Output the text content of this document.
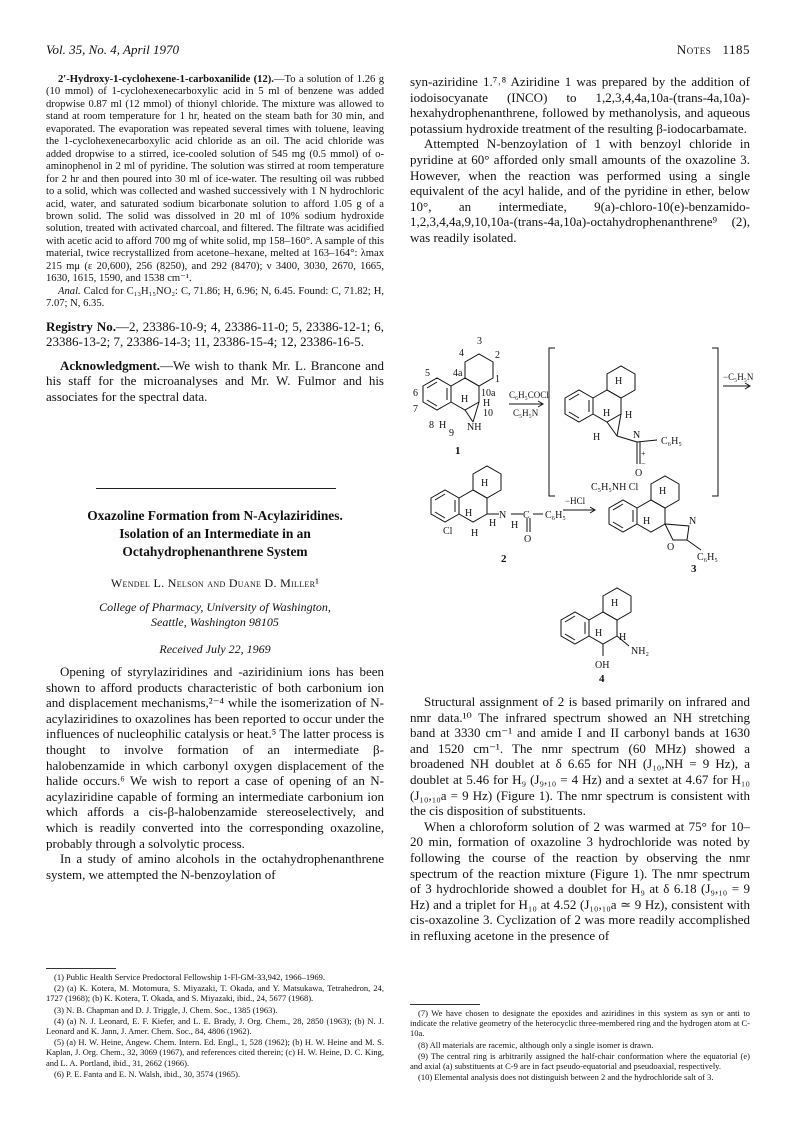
Vol. 35, No. 4, April 1970	Notes 1185

2′-Hydroxy-1-cyclohexene-1-carboxanilide (12).—To a solution of 1.26 g (10 mmol) of 1-cyclohexenecarboxylic acid in 5 ml of benzene was added dropwise 0.87 ml (12 mmol) of thionyl chloride. The mixture was allowed to stand at room temperature for 1 hr, heated on the steam bath for 30 min, and evaporated. The evaporation was repeated several times with toluene, leaving the 1-cyclohexenecarboxylic acid chloride as an oil. The acid chloride was added dropwise to a stirred, ice-cooled solution of 545 mg (0.5 mmol) of o-aminophenol in 2 ml of pyridine. The solution was stirred at room temperature for 2 hr and then poured into 30 ml of ice-water. The resulting oil was rubbed to a solid, which was collected and washed successively with 1 N hydrochloric acid, water, and saturated sodium bicarbonate solution to afford 1.05 g of a brown solid. The solid was dissolved in 20 ml of 10% sodium hydroxide solution, treated with activated charcoal, and filtered. The filtrate was acidified with acetic acid to afford 700 mg of white solid, mp 158–160°. A sample of this material, twice recrystallized from acetone–hexane, melted at 163–164°: λmax 215 mμ (ε 20,600), 256 (8250), and 292 (8470); ν 3400, 3030, 2670, 1665, 1630, 1615, 1590, and 1538 cm⁻¹.

Anal. Calcd for C₁₃H₁₅NO₂: C, 71.86; H, 6.96; N, 6.45. Found: C, 71.82; H, 7.07; N, 6.35.

Registry No.—2, 23386-10-9; 4, 23386-11-0; 5, 23386-12-1; 6, 23386-13-2; 7, 23386-14-3; 11, 23386-15-4; 12, 23386-16-5.
Acknowledgment.—We wish to thank Mr. L. Brancone and his staff for the microanalyses and Mr. W. Fulmor and his associates for the spectral data.
Oxazoline Formation from N-Acylaziridines.
Isolation of an Intermediate in an
Octahydrophenanthrene System
Wendel L. Nelson and Duane D. Miller¹
College of Pharmacy, University of Washington,
Seattle, Washington 98105
Received July 22, 1969

Opening of styrylaziridines and -aziridinium ions has been shown to afford products characteristic of both carbonium ion and displacement mechanisms,²⁻⁴ while the isomerization of N-acylaziridines to oxazolines has been reported to occur under the influences of nucleophilic catalysis or heat.⁵ The latter process is thought to involve formation of an intermediate β-halobenzamide in which carbonyl oxygen displacement of the halide occurs.⁶ We wish to report a case of opening of an N-acylaziridine capable of forming an intermediate carbonium ion which affords a cis-β-halobenzamide stereoselectively, and which is readily converted into the corresponding oxazoline, probably through a solvolytic process.

In a study of amino alcohols in the octahydrophenanthrene system, we attempted the N-benzoylation of

(1) Public Health Service Predoctoral Fellowship 1-Fl-GM-33,942, 1966–1969.

(2) (a) K. Kotera, M. Motomura, S. Miyazaki, T. Okada, and Y. Matsukawa, Tetrahedron, 24, 1727 (1968); (b) K. Kotera, T. Okada, and S. Miyazaki, ibid., 24, 5677 (1968).

(3) N. B. Chapman and D. J. Triggle, J. Chem. Soc., 1385 (1963).

(4) (a) N. J. Leonard, E. F. Kiefer, and L. E. Brady, J. Org. Chem., 28, 2850 (1963); (b) N. J. Leonard and K. Jann, J. Amer. Chem. Soc., 84, 4806 (1962).

(5) (a) H. W. Heine, Angew. Chem. Intern. Ed. Engl., 1, 528 (1962); (b) H. W. Heine and M. S. Kaplan, J. Org. Chem., 32, 3069 (1967), and references cited therein; (c) H. W. Heine, D. C. King, and L. A. Portland, ibid., 31, 2662 (1966).

(6) P. E. Fanta and E. N. Walsh, ibid., 30, 3574 (1965).

syn-aziridine 1.⁷˒⁸ Aziridine 1 was prepared by the addition of iodoisocyanate (INCO) to 1,2,3,4,4a,10a-(trans-4a,10a)-hexahydrophenanthrene, followed by methanolysis, and aqueous potassium hydroxide treatment of the resulting β-iodocarbamate.

Attempted N-benzoylation of 1 with benzoyl chloride in pyridine at 60° afforded only small amounts of the oxazoline 3. However, when the reaction was performed using a single equivalent of the acyl halide, and of the pyridine in ether, below 10°, an intermediate, 9(a)-chloro-10(e)-benzamido-1,2,3,4,4a,9,10,10a-(trans-4a,10a)-octahydrophenanthrene⁹ (2), was readily isolated.

3
2
1
4
4a
5
6
7
8
9
10
10a
H H
H NH
1
C₆H₅COCl
C₅H₅N
H
H H
H	N
C₆H₅
+
O
−
C₅H₅NH Cl
−C₅H₅N
H
H
H
H
Cl
N
H
C C₆H₅
O
2
−HCl
H
H	N
O
C₆H₅
3
H
H H
NH₂
OH
4

Structural assignment of 2 is based primarily on infrared and nmr data.¹⁰ The infrared spectrum showed an NH stretching band at 3330 cm⁻¹ and amide I and II carbonyl bands at 1630 and 1520 cm⁻¹. The nmr spectrum (60 MHz) showed a broadened NH doublet at δ 6.65 for NH (J₁₀,NH = 9 Hz), a doublet at 5.46 for H₉ (J₉,₁₀ = 4 Hz) and a sextet at 4.67 for H₁₀ (J₁₀,₁₀a = 9 Hz) (Figure 1). The nmr spectrum is consistent with the cis disposition of substituents.

When a chloroform solution of 2 was warmed at 75° for 10–20 min, formation of oxazoline 3 hydrochloride was noted by following the course of the reaction by observing the nmr spectrum of the reaction mixture (Figure 1). The nmr spectrum of 3 hydrochloride showed a doublet for H₉ at δ 6.18 (J₉,₁₀ = 9 Hz) and a triplet for H₁₀ at 4.52 (J₁₀,₁₀a ≃ 9 Hz), consistent with cis-oxazoline 3. Cyclization of 2 was more readily accomplished in refluxing acetone in the presence of

(7) We have chosen to designate the epoxides and aziridines in this system as syn or anti to indicate the relative geometry of the heterocyclic three-membered ring and the hydrogen atom at C-10a.

(8) All materials are racemic, although only a single isomer is drawn.

(9) The central ring is arbitrarily assigned the half-chair conformation where the equatorial (e) and axial (a) substituents at C-9 are in fact pseudo-equatorial and pseudoaxial, respectively.

(10) Elemental analysis does not distinguish between 2 and the hydrochloride salt of 3.
